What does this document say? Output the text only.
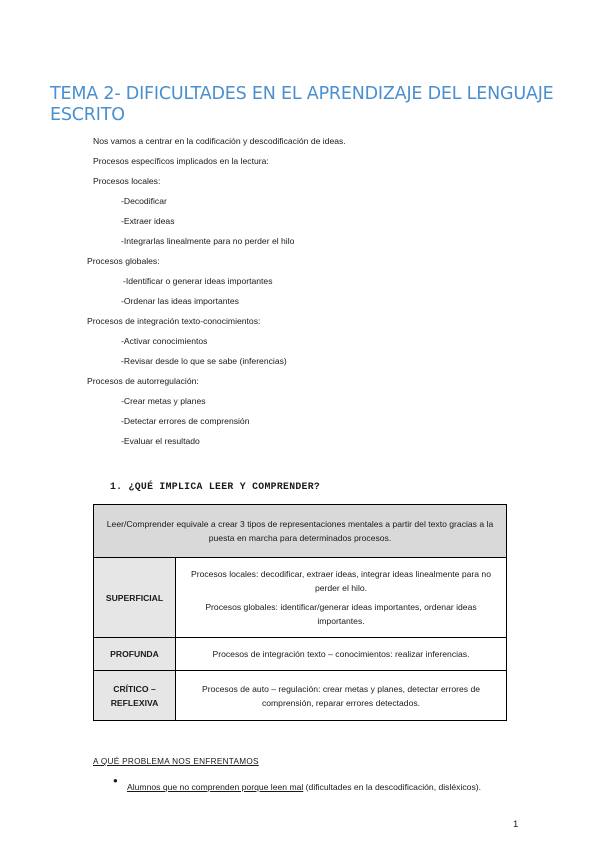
TEMA 2- DIFICULTADES EN EL APRENDIZAJE DEL LENGUAJE ESCRITO
Nos vamos a centrar en la codificación y descodificación de ideas.
Procesos específicos implicados en la lectura:
Procesos locales:
-Decodificar
-Extraer ideas
-Integrarlas linealmente para no perder el hilo
Procesos globales:
-Identificar o generar ideas importantes
-Ordenar las ideas importantes
Procesos de integración texto-conocimientos:
-Activar conocimientos
-Revisar desde lo que se sabe (inferencias)
Procesos de autorregulación:
-Crear metas y planes
-Detectar errores de comprensión
-Evaluar el resultado
1. ¿QUÉ IMPLICA LEER Y COMPRENDER?
Leer/Comprender equivale a crear 3 tipos de representaciones mentales a partir del texto gracias a la puesta en marcha para determinados procesos.	
SUPERFICIAL	Procesos locales: decodificar, extraer ideas, integrar ideas linealmente para no perder el hilo.

Procesos globales: identificar/generar ideas importantes, ordenar ideas importantes.

PROFUNDA	Procesos de integración texto – conocimientos: realizar inferencias.
CRÍTICO – REFLEXIVA	Procesos de auto – regulación: crear metas y planes, detectar errores de comprensión, reparar errores detectados.
A QUÉ PROBLEMA NOS ENFRENTAMOS
●
Alumnos que no comprenden porque leen mal (dificultades en la descodificación, disléxicos).
1
